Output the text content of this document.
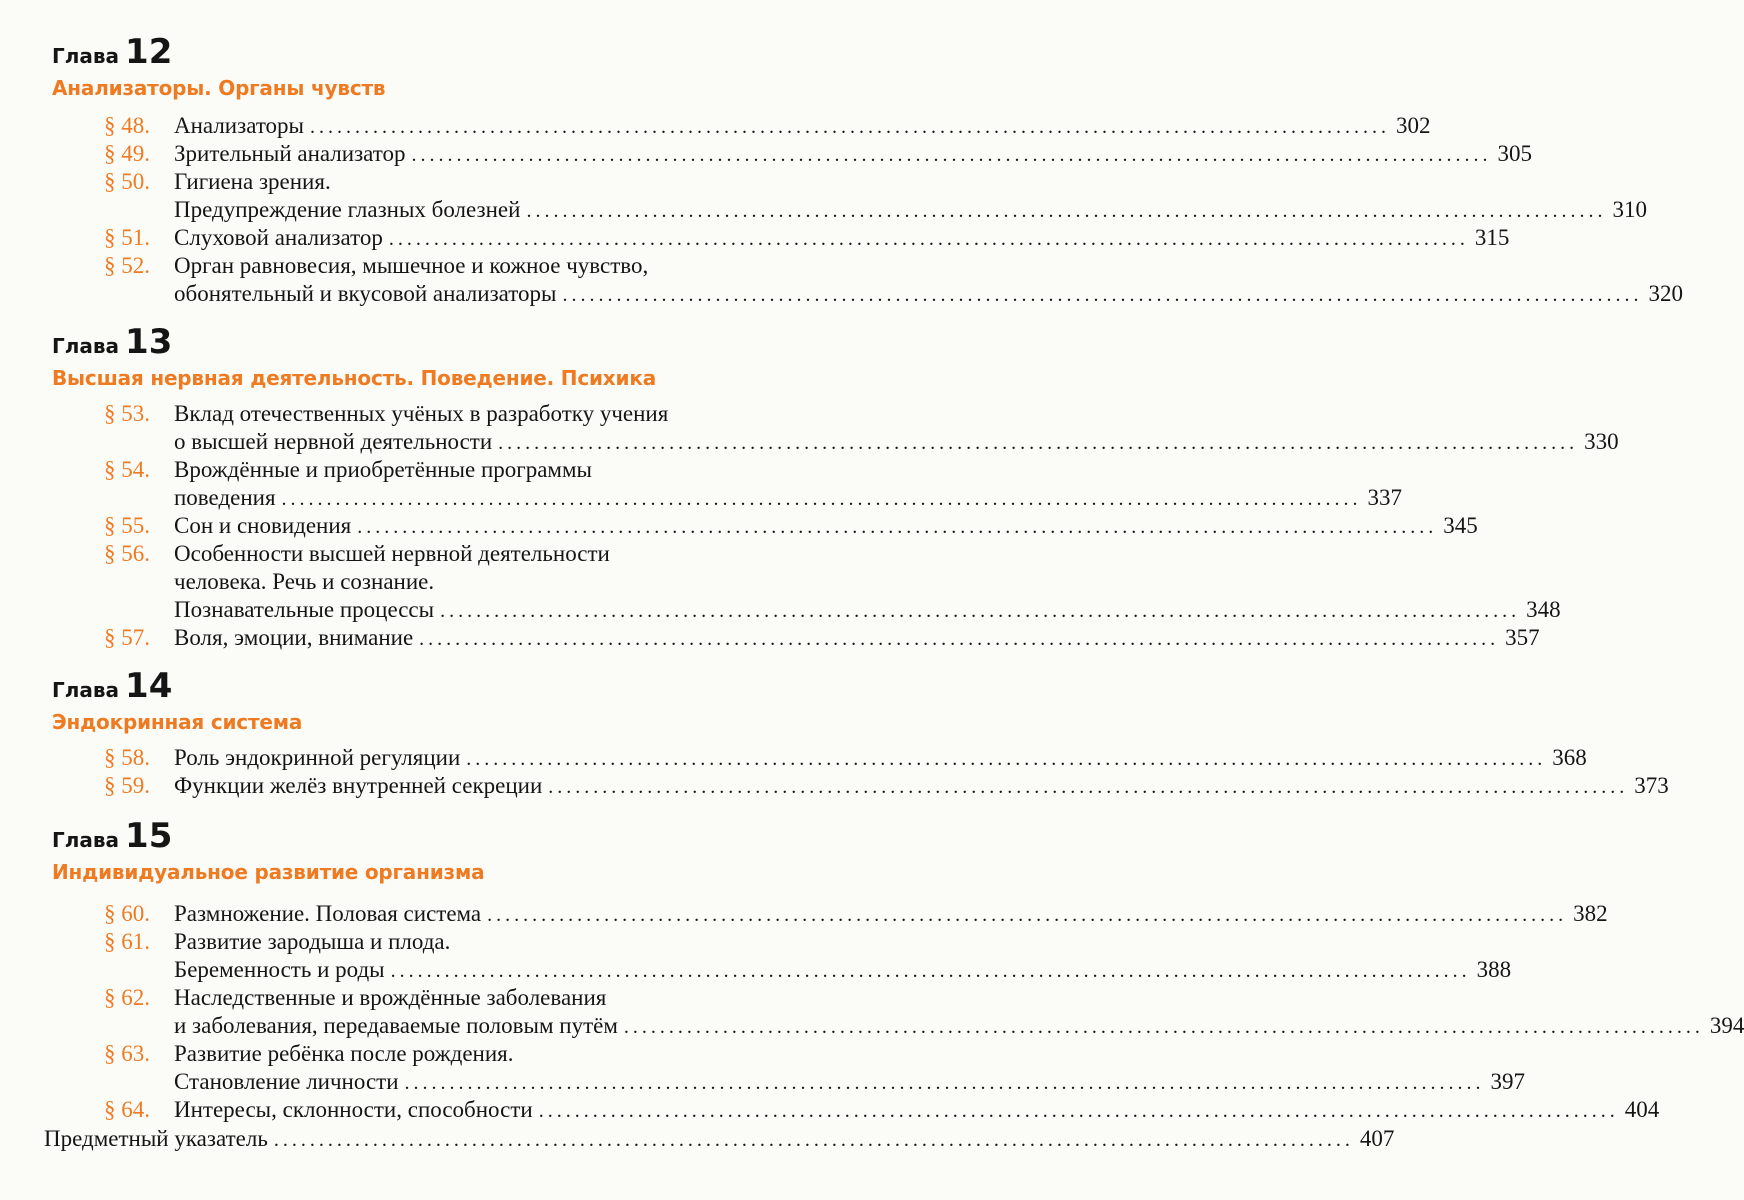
Глава 12
Анализаторы. Органы чувств
§ 48. Анализаторы ........................................................................................................................ 302
§ 49. Зрительный анализатор ........................................................................................................................ 305
§ 50. Гигиена зрения.
Предупреждение глазных болезней ........................................................................................................................ 310
§ 51. Слуховой анализатор ........................................................................................................................ 315
§ 52. Орган равновесия, мышечное и кожное чувство,
обонятельный и вкусовой анализаторы ........................................................................................................................ 320
Глава 13
Высшая нервная деятельность. Поведение. Психика
§ 53. Вклад отечественных учёных в разработку учения
о высшей нервной деятельности ........................................................................................................................ 330
§ 54. Врождённые и приобретённые программы
поведения ........................................................................................................................ 337
§ 55. Сон и сновидения ........................................................................................................................ 345
§ 56. Особенности высшей нервной деятельности
человека. Речь и сознание.
Познавательные процессы ........................................................................................................................ 348
§ 57. Воля, эмоции, внимание ........................................................................................................................ 357
Глава 14
Эндокринная система
§ 58. Роль эндокринной регуляции ........................................................................................................................ 368
§ 59. Функции желёз внутренней секреции ........................................................................................................................ 373
Глава 15
Индивидуальное развитие организма
§ 60. Размножение. Половая система ........................................................................................................................ 382
§ 61. Развитие зародыша и плода.
Беременность и роды ........................................................................................................................ 388
§ 62. Наследственные и врождённые заболевания
и заболевания, передаваемые половым путём ........................................................................................................................ 394
§ 63. Развитие ребёнка после рождения.
Становление личности ........................................................................................................................ 397
§ 64. Интересы, склонности, способности ........................................................................................................................ 404
Предметный указатель ........................................................................................................................ 407
